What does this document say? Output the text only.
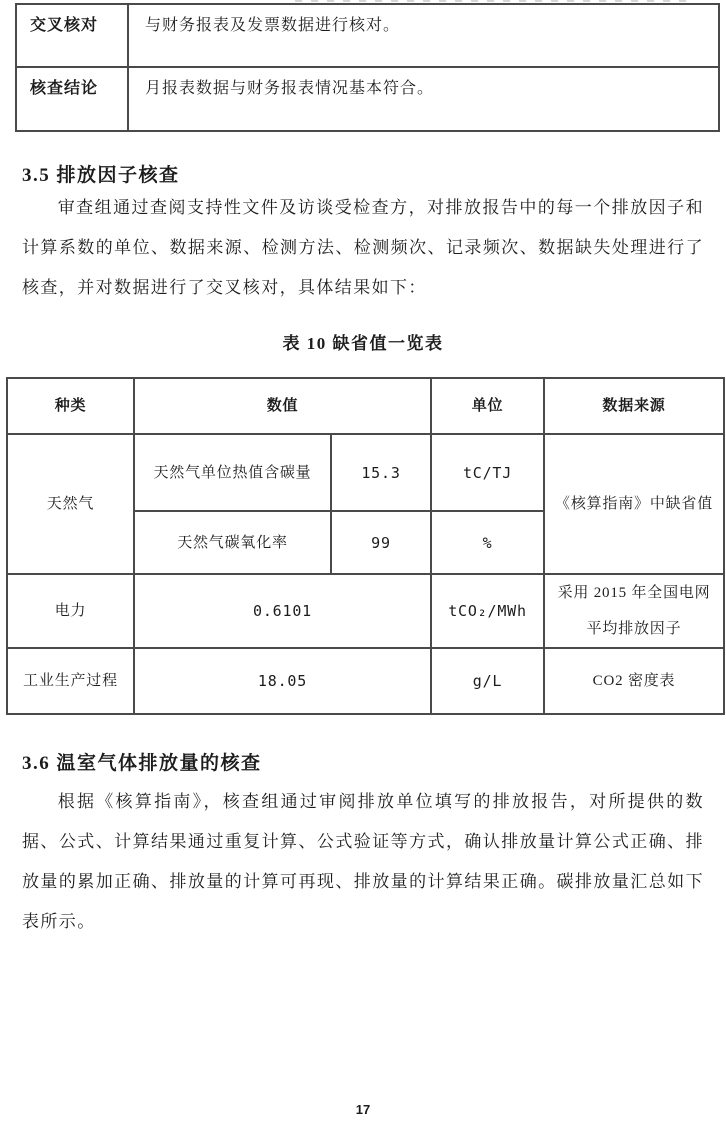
交叉核对	与财务报表及发票数据进行核对。
核查结论	月报表数据与财务报表情况基本符合。
3.5 排放因子核查
审查组通过查阅支持性文件及访谈受检查方，对排放报告中的每一个排放因子和计算系数的单位、数据来源、检测方法、检测频次、记录频次、数据缺失处理进行了核查，并对数据进行了交叉核对，具体结果如下：
表 10 缺省值一览表
种类	数值		单位	数据来源
天然气	天然气单位热值含碳量	15.3	tC/TJ	《核算指南》中缺省值
	天然气碳氧化率	99	%	
电力	0.6101		tCO₂/MWh	采用 2015 年全国电网平均排放因子
工业生产过程	18.05		g/L	CO2 密度表
3.6 温室气体排放量的核查
根据《核算指南》，核查组通过审阅排放单位填写的排放报告，对所提供的数据、公式、计算结果通过重复计算、公式验证等方式，确认排放量计算公式正确、排放量的累加正确、排放量的计算可再现、排放量的计算结果正确。碳排放量汇总如下表所示。
17
